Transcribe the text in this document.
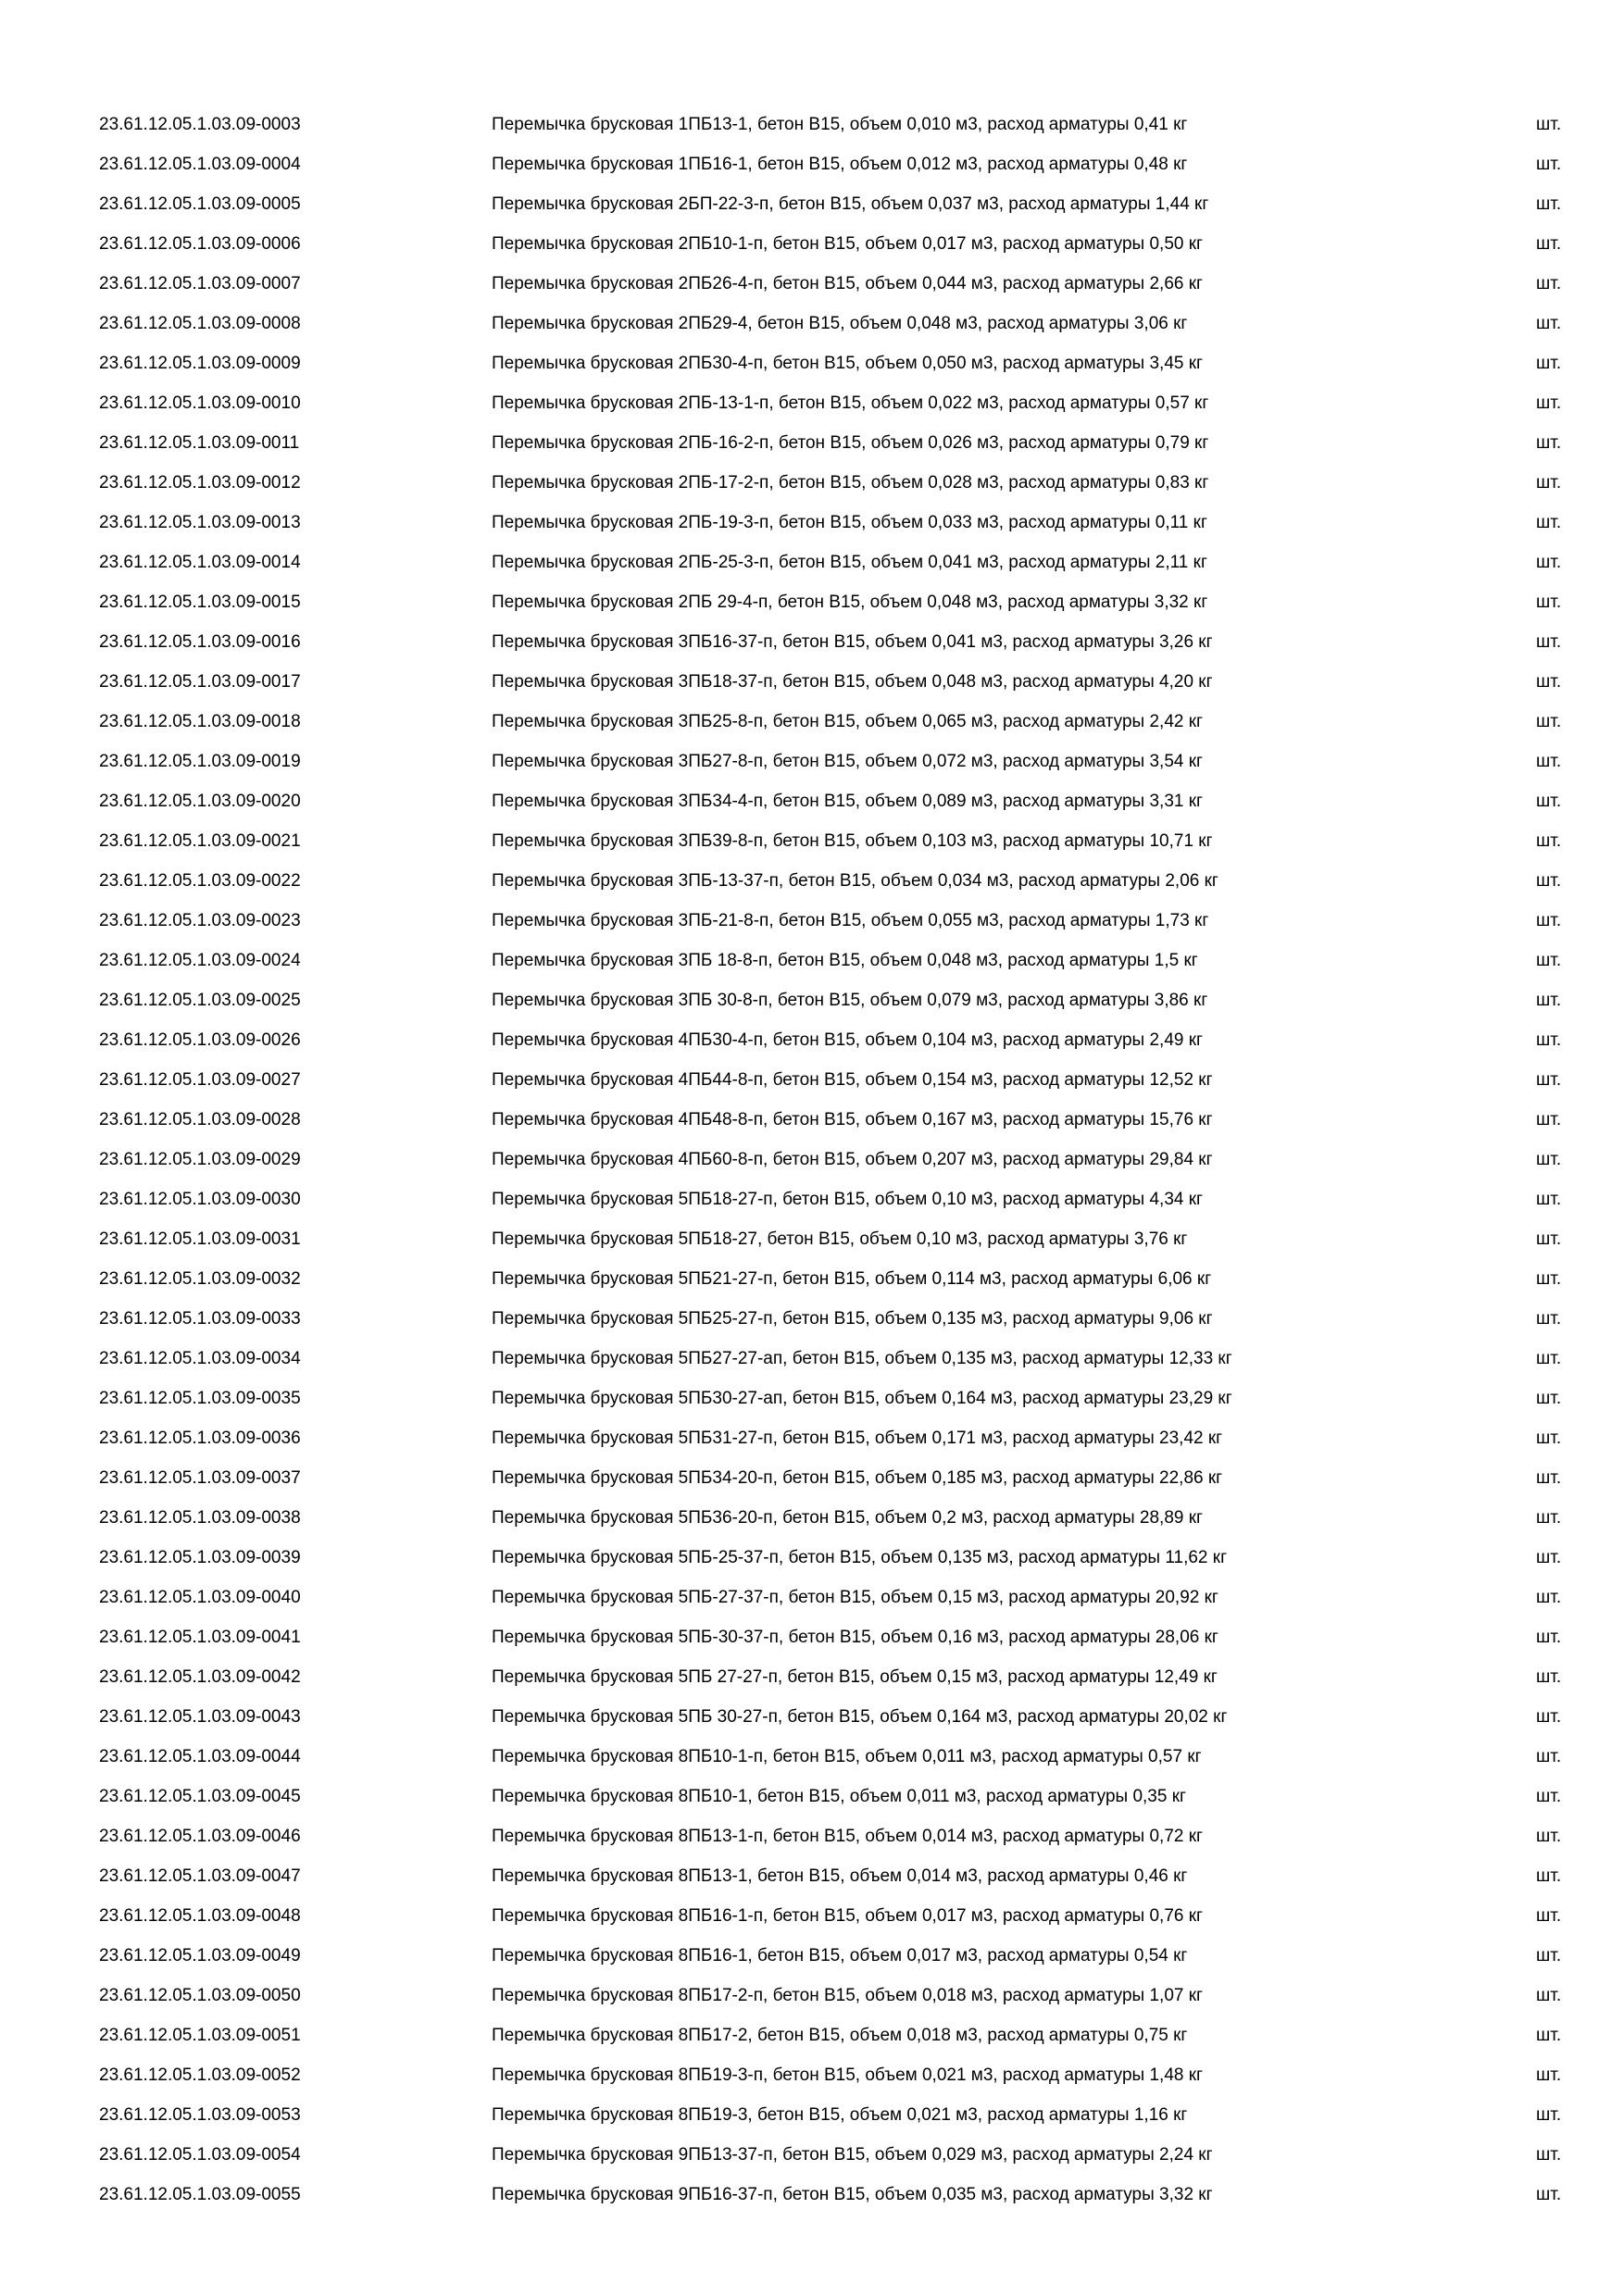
23.61.12.05.1.03.09-0003	Перемычка брусковая 1ПБ13-1, бетон В15, объем 0,010 м3, расход арматуры 0,41 кг	шт.
23.61.12.05.1.03.09-0004	Перемычка брусковая 1ПБ16-1, бетон В15, объем 0,012 м3, расход арматуры 0,48 кг	шт.
23.61.12.05.1.03.09-0005	Перемычка брусковая 2БП-22-3-п, бетон В15, объем 0,037 м3, расход арматуры 1,44 кг	шт.
23.61.12.05.1.03.09-0006	Перемычка брусковая 2ПБ10-1-п, бетон В15, объем 0,017 м3, расход арматуры 0,50 кг	шт.
23.61.12.05.1.03.09-0007	Перемычка брусковая 2ПБ26-4-п, бетон В15, объем 0,044 м3, расход арматуры 2,66 кг	шт.
23.61.12.05.1.03.09-0008	Перемычка брусковая 2ПБ29-4, бетон В15, объем 0,048 м3, расход арматуры 3,06 кг	шт.
23.61.12.05.1.03.09-0009	Перемычка брусковая 2ПБ30-4-п, бетон В15, объем 0,050 м3, расход арматуры 3,45 кг	шт.
23.61.12.05.1.03.09-0010	Перемычка брусковая 2ПБ-13-1-п, бетон В15, объем 0,022 м3, расход арматуры 0,57 кг	шт.
23.61.12.05.1.03.09-0011	Перемычка брусковая 2ПБ-16-2-п, бетон В15, объем 0,026 м3, расход арматуры 0,79 кг	шт.
23.61.12.05.1.03.09-0012	Перемычка брусковая 2ПБ-17-2-п, бетон В15, объем 0,028 м3, расход арматуры 0,83 кг	шт.
23.61.12.05.1.03.09-0013	Перемычка брусковая 2ПБ-19-3-п, бетон В15, объем 0,033 м3, расход арматуры 0,11 кг	шт.
23.61.12.05.1.03.09-0014	Перемычка брусковая 2ПБ-25-3-п, бетон В15, объем 0,041 м3, расход арматуры 2,11 кг	шт.
23.61.12.05.1.03.09-0015	Перемычка брусковая 2ПБ 29-4-п, бетон В15, объем 0,048 м3, расход арматуры 3,32 кг	шт.
23.61.12.05.1.03.09-0016	Перемычка брусковая 3ПБ16-37-п, бетон В15, объем 0,041 м3, расход арматуры 3,26 кг	шт.
23.61.12.05.1.03.09-0017	Перемычка брусковая 3ПБ18-37-п, бетон В15, объем 0,048 м3, расход арматуры 4,20 кг	шт.
23.61.12.05.1.03.09-0018	Перемычка брусковая 3ПБ25-8-п, бетон В15, объем 0,065 м3, расход арматуры 2,42 кг	шт.
23.61.12.05.1.03.09-0019	Перемычка брусковая 3ПБ27-8-п, бетон В15, объем 0,072 м3, расход арматуры 3,54 кг	шт.
23.61.12.05.1.03.09-0020	Перемычка брусковая 3ПБ34-4-п, бетон В15, объем 0,089 м3, расход арматуры 3,31 кг	шт.
23.61.12.05.1.03.09-0021	Перемычка брусковая 3ПБ39-8-п, бетон В15, объем 0,103 м3, расход арматуры 10,71 кг	шт.
23.61.12.05.1.03.09-0022	Перемычка брусковая 3ПБ-13-37-п, бетон В15, объем 0,034 м3, расход арматуры 2,06 кг	шт.
23.61.12.05.1.03.09-0023	Перемычка брусковая 3ПБ-21-8-п, бетон В15, объем 0,055 м3, расход арматуры 1,73 кг	шт.
23.61.12.05.1.03.09-0024	Перемычка брусковая 3ПБ 18-8-п, бетон В15, объем 0,048 м3, расход арматуры 1,5 кг	шт.
23.61.12.05.1.03.09-0025	Перемычка брусковая 3ПБ 30-8-п, бетон В15, объем 0,079 м3, расход арматуры 3,86 кг	шт.
23.61.12.05.1.03.09-0026	Перемычка брусковая 4ПБ30-4-п, бетон В15, объем 0,104 м3, расход арматуры 2,49 кг	шт.
23.61.12.05.1.03.09-0027	Перемычка брусковая 4ПБ44-8-п, бетон В15, объем 0,154 м3, расход арматуры 12,52 кг	шт.
23.61.12.05.1.03.09-0028	Перемычка брусковая 4ПБ48-8-п, бетон В15, объем 0,167 м3, расход арматуры 15,76 кг	шт.
23.61.12.05.1.03.09-0029	Перемычка брусковая 4ПБ60-8-п, бетон В15, объем 0,207 м3, расход арматуры 29,84 кг	шт.
23.61.12.05.1.03.09-0030	Перемычка брусковая 5ПБ18-27-п, бетон В15, объем 0,10 м3, расход арматуры 4,34 кг	шт.
23.61.12.05.1.03.09-0031	Перемычка брусковая 5ПБ18-27, бетон В15, объем 0,10 м3, расход арматуры 3,76 кг	шт.
23.61.12.05.1.03.09-0032	Перемычка брусковая 5ПБ21-27-п, бетон В15, объем 0,114 м3, расход арматуры 6,06 кг	шт.
23.61.12.05.1.03.09-0033	Перемычка брусковая 5ПБ25-27-п, бетон В15, объем 0,135 м3, расход арматуры 9,06 кг	шт.
23.61.12.05.1.03.09-0034	Перемычка брусковая 5ПБ27-27-ап, бетон В15, объем 0,135 м3, расход арматуры 12,33 кг	шт.
23.61.12.05.1.03.09-0035	Перемычка брусковая 5ПБ30-27-ап, бетон В15, объем 0,164 м3, расход арматуры 23,29 кг	шт.
23.61.12.05.1.03.09-0036	Перемычка брусковая 5ПБ31-27-п, бетон В15, объем 0,171 м3, расход арматуры 23,42 кг	шт.
23.61.12.05.1.03.09-0037	Перемычка брусковая 5ПБ34-20-п, бетон В15, объем 0,185 м3, расход арматуры 22,86 кг	шт.
23.61.12.05.1.03.09-0038	Перемычка брусковая 5ПБ36-20-п, бетон В15, объем 0,2 м3, расход арматуры 28,89 кг	шт.
23.61.12.05.1.03.09-0039	Перемычка брусковая 5ПБ-25-37-п, бетон В15, объем 0,135 м3, расход арматуры 11,62 кг	шт.
23.61.12.05.1.03.09-0040	Перемычка брусковая 5ПБ-27-37-п, бетон В15, объем 0,15 м3, расход арматуры 20,92 кг	шт.
23.61.12.05.1.03.09-0041	Перемычка брусковая 5ПБ-30-37-п, бетон В15, объем 0,16 м3, расход арматуры 28,06 кг	шт.
23.61.12.05.1.03.09-0042	Перемычка брусковая 5ПБ 27-27-п, бетон В15, объем 0,15 м3, расход арматуры 12,49 кг	шт.
23.61.12.05.1.03.09-0043	Перемычка брусковая 5ПБ 30-27-п, бетон В15, объем 0,164 м3, расход арматуры 20,02 кг	шт.
23.61.12.05.1.03.09-0044	Перемычка брусковая 8ПБ10-1-п, бетон В15, объем 0,011 м3, расход арматуры 0,57 кг	шт.
23.61.12.05.1.03.09-0045	Перемычка брусковая 8ПБ10-1, бетон В15, объем 0,011 м3, расход арматуры 0,35 кг	шт.
23.61.12.05.1.03.09-0046	Перемычка брусковая 8ПБ13-1-п, бетон В15, объем 0,014 м3, расход арматуры 0,72 кг	шт.
23.61.12.05.1.03.09-0047	Перемычка брусковая 8ПБ13-1, бетон В15, объем 0,014 м3, расход арматуры 0,46 кг	шт.
23.61.12.05.1.03.09-0048	Перемычка брусковая 8ПБ16-1-п, бетон В15, объем 0,017 м3, расход арматуры 0,76 кг	шт.
23.61.12.05.1.03.09-0049	Перемычка брусковая 8ПБ16-1, бетон В15, объем 0,017 м3, расход арматуры 0,54 кг	шт.
23.61.12.05.1.03.09-0050	Перемычка брусковая 8ПБ17-2-п, бетон В15, объем 0,018 м3, расход арматуры 1,07 кг	шт.
23.61.12.05.1.03.09-0051	Перемычка брусковая 8ПБ17-2, бетон В15, объем 0,018 м3, расход арматуры 0,75 кг	шт.
23.61.12.05.1.03.09-0052	Перемычка брусковая 8ПБ19-3-п, бетон В15, объем 0,021 м3, расход арматуры 1,48 кг	шт.
23.61.12.05.1.03.09-0053	Перемычка брусковая 8ПБ19-3, бетон В15, объем 0,021 м3, расход арматуры 1,16 кг	шт.
23.61.12.05.1.03.09-0054	Перемычка брусковая 9ПБ13-37-п, бетон В15, объем 0,029 м3, расход арматуры 2,24 кг	шт.
23.61.12.05.1.03.09-0055	Перемычка брусковая 9ПБ16-37-п, бетон В15, объем 0,035 м3, расход арматуры 3,32 кг	шт.
